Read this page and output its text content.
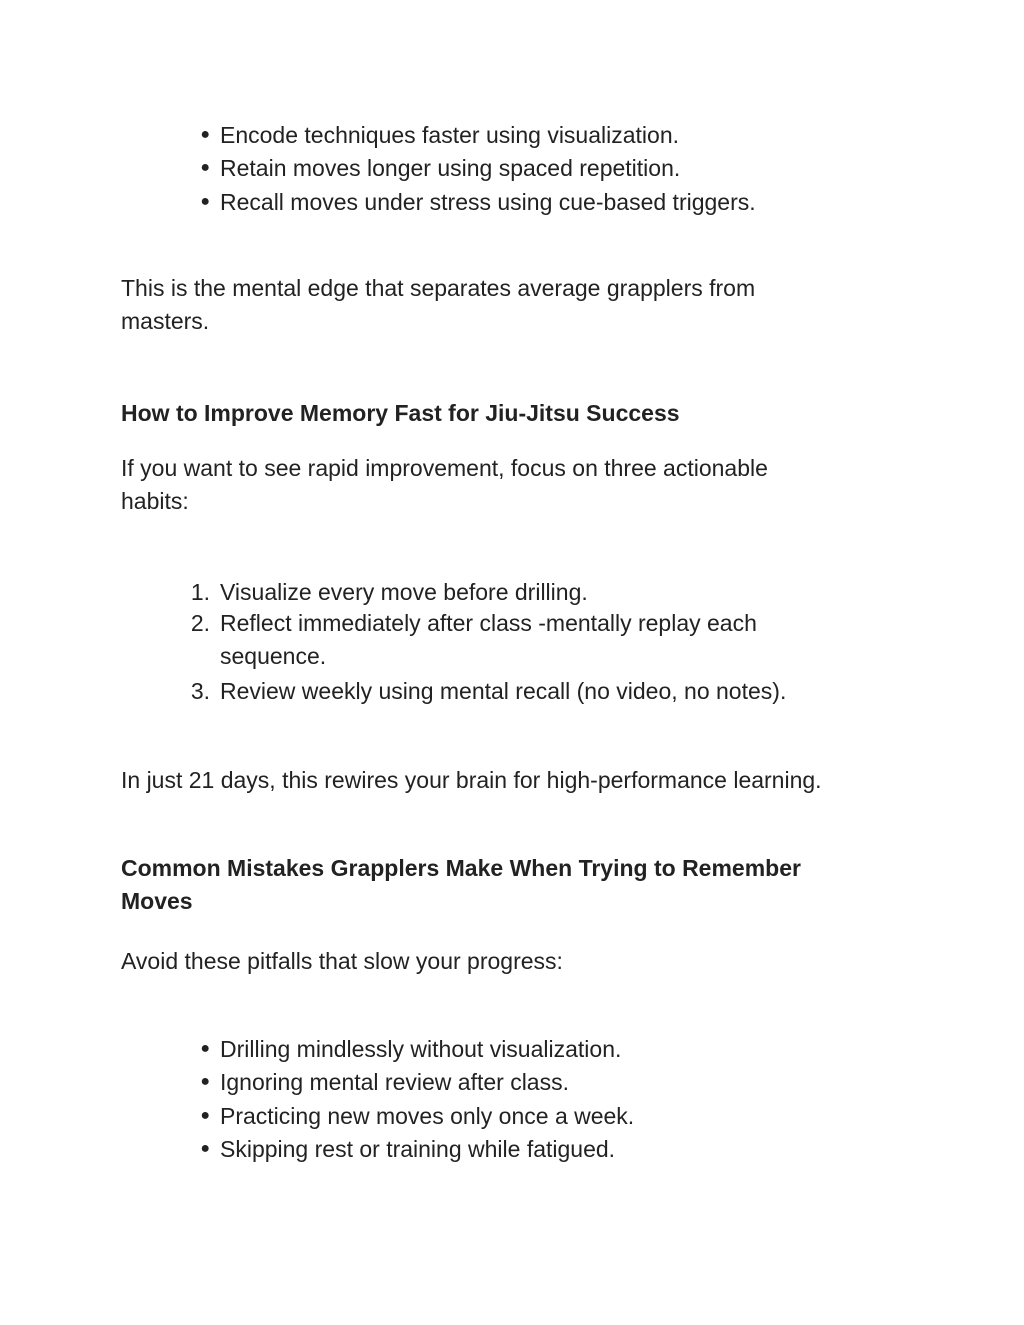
● Encode techniques faster using visualization.
● Retain moves longer using spaced repetition.
● Recall moves under stress using cue-based triggers.
This is the mental edge that separates average grapplers from
masters.
How to Improve Memory Fast for Jiu-Jitsu Success
If you want to see rapid improvement, focus on three actionable
habits:
1. Visualize every move before drilling.
2. Reflect immediately after class -mentally replay each
sequence.
3. Review weekly using mental recall (no video, no notes).
In just 21 days, this rewires your brain for high-performance learning.
Common Mistakes Grapplers Make When Trying to Remember
Moves
Avoid these pitfalls that slow your progress:
● Drilling mindlessly without visualization.
● Ignoring mental review after class.
● Practicing new moves only once a week.
● Skipping rest or training while fatigued.
